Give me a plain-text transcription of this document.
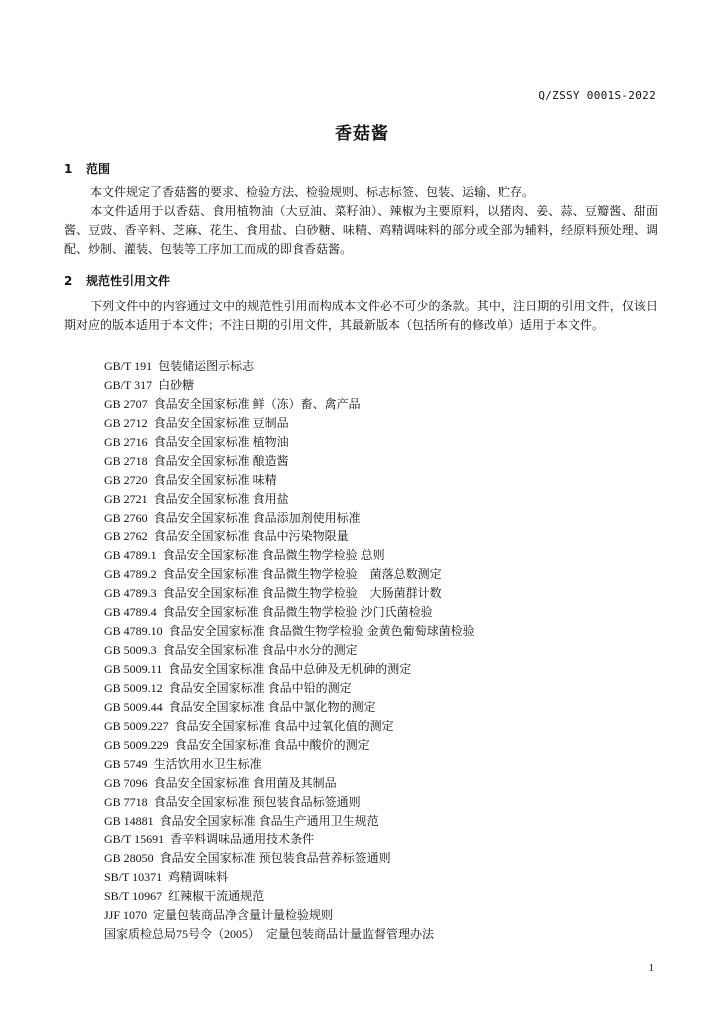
Q/ZSSY 0001S-2022
香菇酱
1 范围
本文件规定了香菇酱的要求、检验方法、检验规则、标志标签、包装、运输、贮存。
本文件适用于以香菇、食用植物油（大豆油、菜籽油）、辣椒为主要原料，以猪肉、姜、蒜、豆瓣酱、甜面酱、豆豉、香辛料、芝麻、花生、食用盐、白砂糖、味精、鸡精调味料的部分或全部为辅料，经原料预处理、调配、炒制、灌装、包装等工序加工而成的即食香菇酱。
2 规范性引用文件
下列文件中的内容通过文中的规范性引用而构成本文件必不可少的条款。其中，注日期的引用文件，仅该日期对应的版本适用于本文件；不注日期的引用文件，其最新版本（包括所有的修改单）适用于本文件。
GB/T 191 包装储运图示标志
GB/T 317 白砂糖
GB 2707 食品安全国家标准 鲜（冻）畜、禽产品
GB 2712 食品安全国家标准 豆制品
GB 2716 食品安全国家标准 植物油
GB 2718 食品安全国家标准 酿造酱
GB 2720 食品安全国家标准 味精
GB 2721 食品安全国家标准 食用盐
GB 2760 食品安全国家标准 食品添加剂使用标准
GB 2762 食品安全国家标准 食品中污染物限量
GB 4789.1 食品安全国家标准 食品微生物学检验 总则
GB 4789.2 食品安全国家标准 食品微生物学检验　菌落总数测定
GB 4789.3 食品安全国家标准 食品微生物学检验　大肠菌群计数
GB 4789.4 食品安全国家标准 食品微生物学检验 沙门氏菌检验
GB 4789.10 食品安全国家标准 食品微生物学检验 金黄色葡萄球菌检验
GB 5009.3 食品安全国家标准 食品中水分的测定
GB 5009.11 食品安全国家标准 食品中总砷及无机砷的测定
GB 5009.12 食品安全国家标准 食品中铅的测定
GB 5009.44 食品安全国家标准 食品中氯化物的测定
GB 5009.227 食品安全国家标准 食品中过氧化值的测定
GB 5009.229 食品安全国家标准 食品中酸价的测定
GB 5749 生活饮用水卫生标准
GB 7096 食品安全国家标准 食用菌及其制品
GB 7718 食品安全国家标准 预包装食品标签通则
GB 14881 食品安全国家标准 食品生产通用卫生规范
GB/T 15691 香辛料调味品通用技术条件
GB 28050 食品安全国家标准 预包装食品营养标签通则
SB/T 10371 鸡精调味料
SB/T 10967 红辣椒干流通规范
JJF 1070 定量包装商品净含量计量检验规则
国家质检总局75号令（2005） 定量包装商品计量监督管理办法
1
